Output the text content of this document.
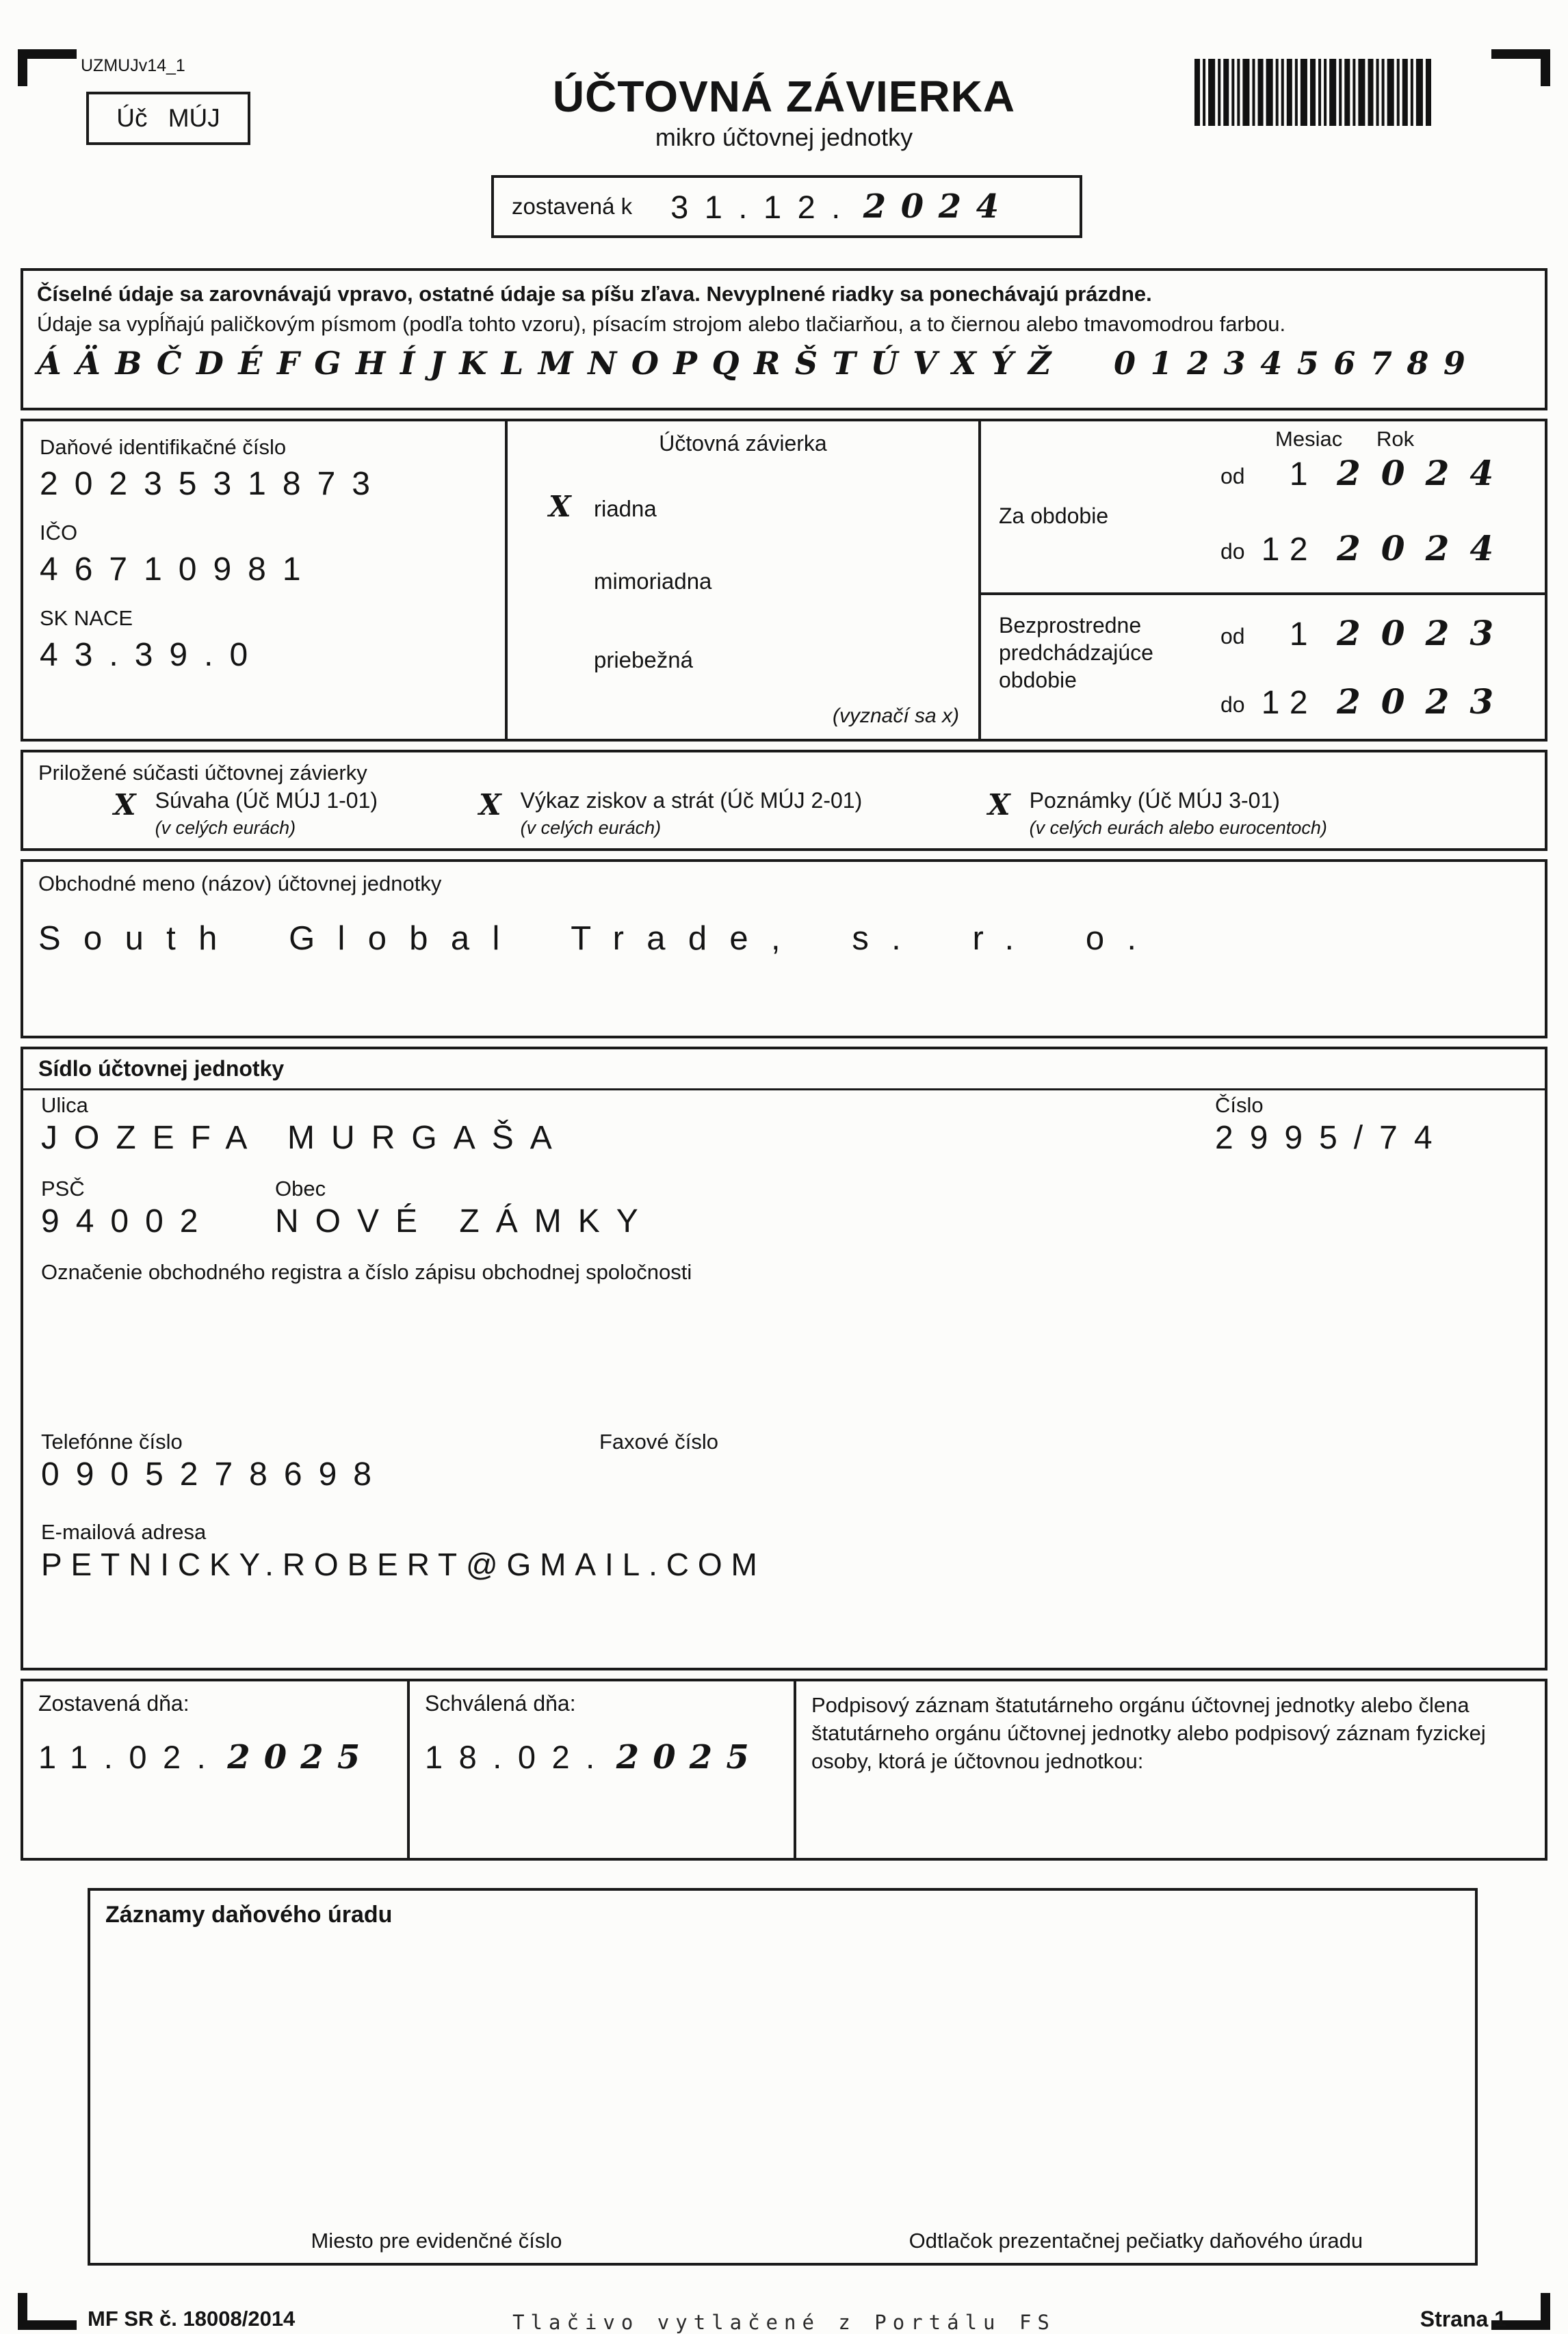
UZMUJv14_1
Úč MÚJ	ÚČTOVNÁ ZÁVIERKA
mikro účtovnej jednotky
zostavená k 31.12. 2024
Číselné údaje sa zarovnávajú vpravo, ostatné údaje sa píšu zľava. Nevyplnené riadky sa ponechávajú prázdne.
Údaje sa vypĺňajú paličkovým písmom (podľa tohto vzoru), písacím strojom alebo tlačiarňou, a to čiernou alebo tmavomodrou farbou.
Á Ä B Č D É F G H Í J K L M N O P Q R Š T Ú V X Ý Ž 0 1 2 3 4 5 6 7 8 9
Daňové identifikačné číslo
2023531873
IČO
46710981
SK NACE
43.39.0
Účtovná závierka
X	riadna
mimoriadna
priebežná
(vyznačí sa x)
Mesiac Rok
Za obdobie
od	1 2024
do 12 2024
Bezprostredne predchádzajúce obdobie
od	1 2023
do 12 2023
Priložené súčasti účtovnej závierky
X Súvaha (Úč MÚJ 1-01)
(v celých eurách)
X Výkaz ziskov a strát (Úč MÚJ 2-01)
(v celých eurách)
X Poznámky (Úč MÚJ 3-01)
(v celých eurách alebo eurocentoch)
Obchodné meno (názov) účtovnej jednotky
South Global Trade, s. r. o.
Sídlo účtovnej jednotky
Ulica	Číslo
JOZEFA MURGAŠA	2995/74
PSČ	Obec
94002 NOVÉ ZÁMKY
Označenie obchodného registra a číslo zápisu obchodnej spoločnosti
Telefónne číslo	Faxové číslo
0905278698
E-mailová adresa
PETNICKY.ROBERT@GMAIL.COM
Zostavená dňa:
11.02. 2025
Schválená dňa:
18.02. 2025
Podpisový záznam štatutárneho orgánu účtovnej jednotky alebo člena štatutárneho orgánu účtovnej jednotky alebo podpisový záznam fyzickej osoby, ktorá je účtovnou jednotkou:
Záznamy daňového úradu
Miesto pre evidenčné číslo	Odtlačok prezentačnej pečiatky daňového úradu
MF SR č. 18008/2014	Tlačivo vytlačené z Portálu FS	Strana 1
